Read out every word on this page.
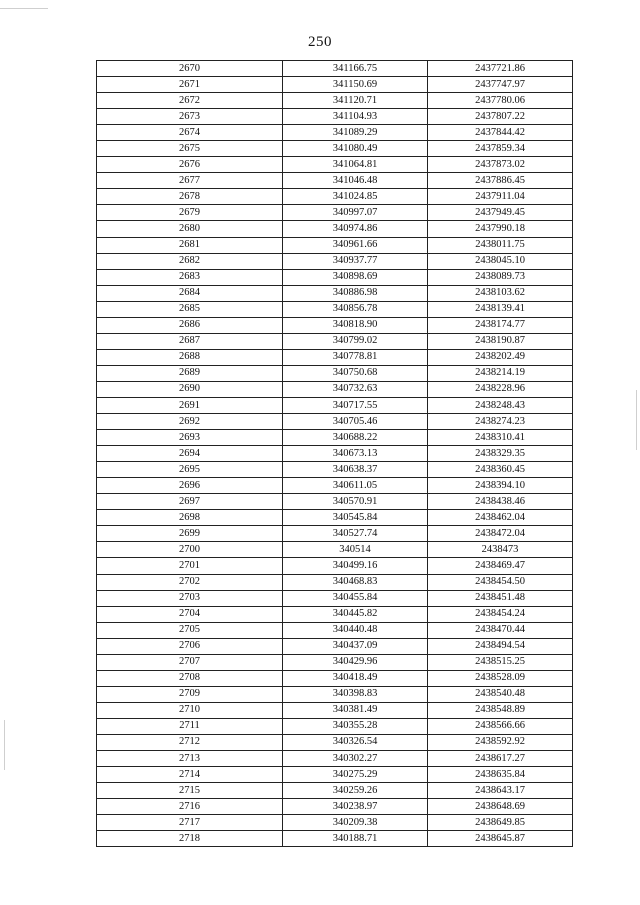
250
2670	341166.75	2437721.86
2671	341150.69	2437747.97
2672	341120.71	2437780.06
2673	341104.93	2437807.22
2674	341089.29	2437844.42
2675	341080.49	2437859.34
2676	341064.81	2437873.02
2677	341046.48	2437886.45
2678	341024.85	2437911.04
2679	340997.07	2437949.45
2680	340974.86	2437990.18
2681	340961.66	2438011.75
2682	340937.77	2438045.10
2683	340898.69	2438089.73
2684	340886.98	2438103.62
2685	340856.78	2438139.41
2686	340818.90	2438174.77
2687	340799.02	2438190.87
2688	340778.81	2438202.49
2689	340750.68	2438214.19
2690	340732.63	2438228.96
2691	340717.55	2438248.43
2692	340705.46	2438274.23
2693	340688.22	2438310.41
2694	340673.13	2438329.35
2695	340638.37	2438360.45
2696	340611.05	2438394.10
2697	340570.91	2438438.46
2698	340545.84	2438462.04
2699	340527.74	2438472.04
2700	340514	2438473
2701	340499.16	2438469.47
2702	340468.83	2438454.50
2703	340455.84	2438451.48
2704	340445.82	2438454.24
2705	340440.48	2438470.44
2706	340437.09	2438494.54
2707	340429.96	2438515.25
2708	340418.49	2438528.09
2709	340398.83	2438540.48
2710	340381.49	2438548.89
2711	340355.28	2438566.66
2712	340326.54	2438592.92
2713	340302.27	2438617.27
2714	340275.29	2438635.84
2715	340259.26	2438643.17
2716	340238.97	2438648.69
2717	340209.38	2438649.85
2718	340188.71	2438645.87
